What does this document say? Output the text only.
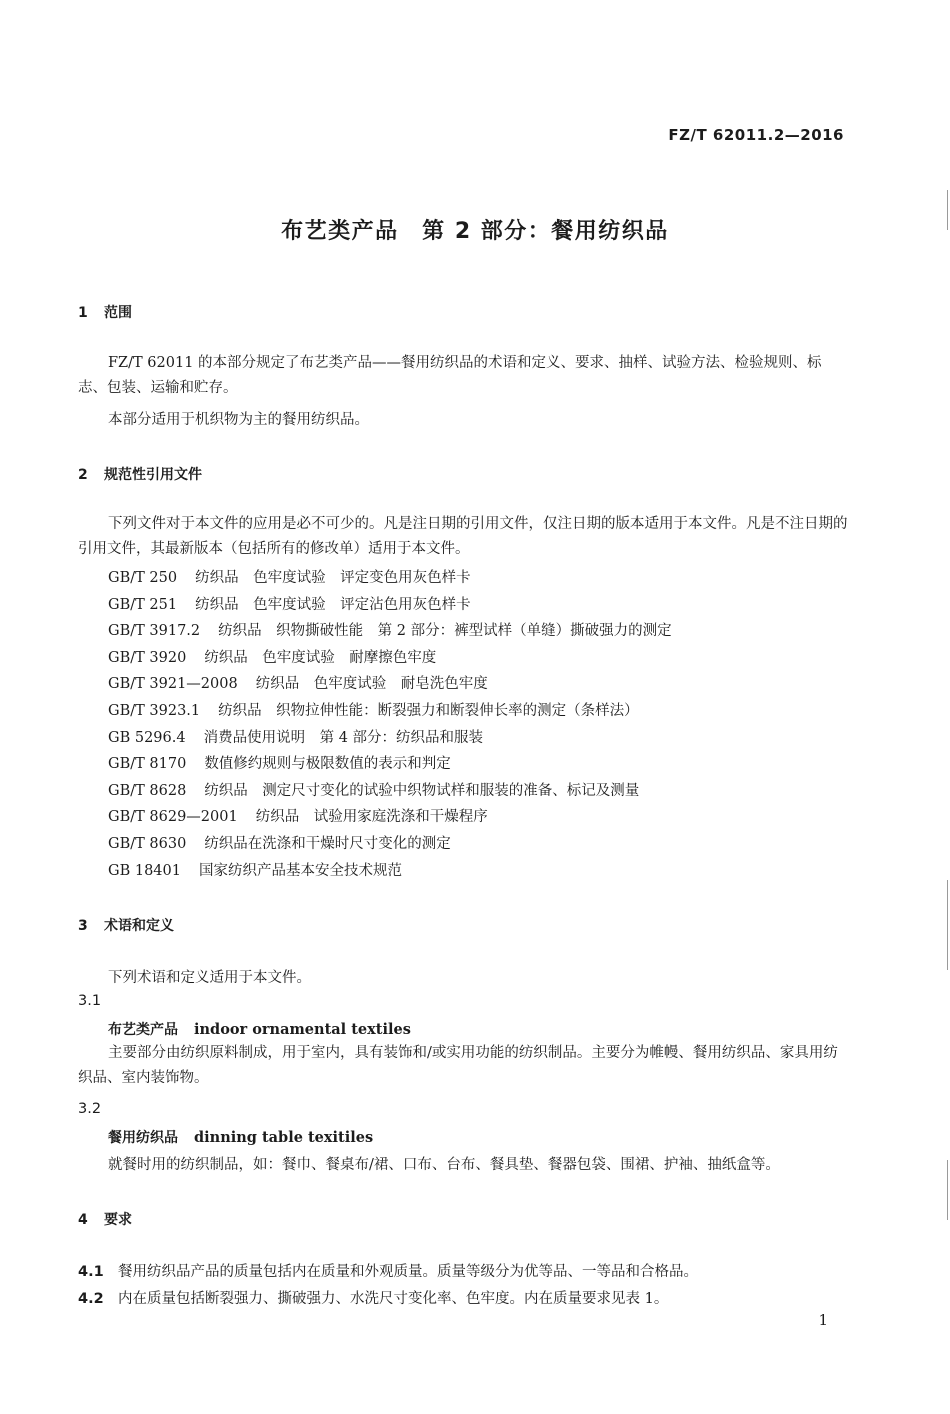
FZ/T 62011.2—2016
布艺类产品　第 2 部分：餐用纺织品
1 范围

FZ/T 62011 的本部分规定了布艺类产品——餐用纺织品的术语和定义、要求、抽样、试验方法、检验规则、标志、包装、运输和贮存。

本部分适用于机织物为主的餐用纺织品。
2 规范性引用文件

下列文件对于本文件的应用是必不可少的。凡是注日期的引用文件，仅注日期的版本适用于本文件。凡是不注日期的引用文件，其最新版本（包括所有的修改单）适用于本文件。

GB/T 250 纺织品　色牢度试验　评定变色用灰色样卡
GB/T 251 纺织品　色牢度试验　评定沾色用灰色样卡
GB/T 3917.2 纺织品　织物撕破性能　第 2 部分：裤型试样（单缝）撕破强力的测定
GB/T 3920 纺织品　色牢度试验　耐摩擦色牢度
GB/T 3921—2008 纺织品　色牢度试验　耐皂洗色牢度
GB/T 3923.1 纺织品　织物拉伸性能：断裂强力和断裂伸长率的测定（条样法）
GB 5296.4 消费品使用说明　第 4 部分：纺织品和服装
GB/T 8170 数值修约规则与极限数值的表示和判定
GB/T 8628 纺织品　测定尺寸变化的试验中织物试样和服装的准备、标记及测量
GB/T 8629—2001 纺织品　试验用家庭洗涤和干燥程序
GB/T 8630 纺织品在洗涤和干燥时尺寸变化的测定
GB 18401 国家纺织产品基本安全技术规范
3 术语和定义
下列术语和定义适用于本文件。
3.1
布艺类产品 indoor ornamental textiles

主要部分由纺织原料制成，用于室内，具有装饰和/或实用功能的纺织制品。主要分为帷幔、餐用纺织品、家具用纺织品、室内装饰物。

3.2
餐用纺织品 dinning table texitiles
就餐时用的纺织制品，如：餐巾、餐桌布/裙、口布、台布、餐具垫、餐器包袋、围裙、护袖、抽纸盒等。
4 要求
4.1 餐用纺织品产品的质量包括内在质量和外观质量。质量等级分为优等品、一等品和合格品。
4.2 内在质量包括断裂强力、撕破强力、水洗尺寸变化率、色牢度。内在质量要求见表 1。
1
